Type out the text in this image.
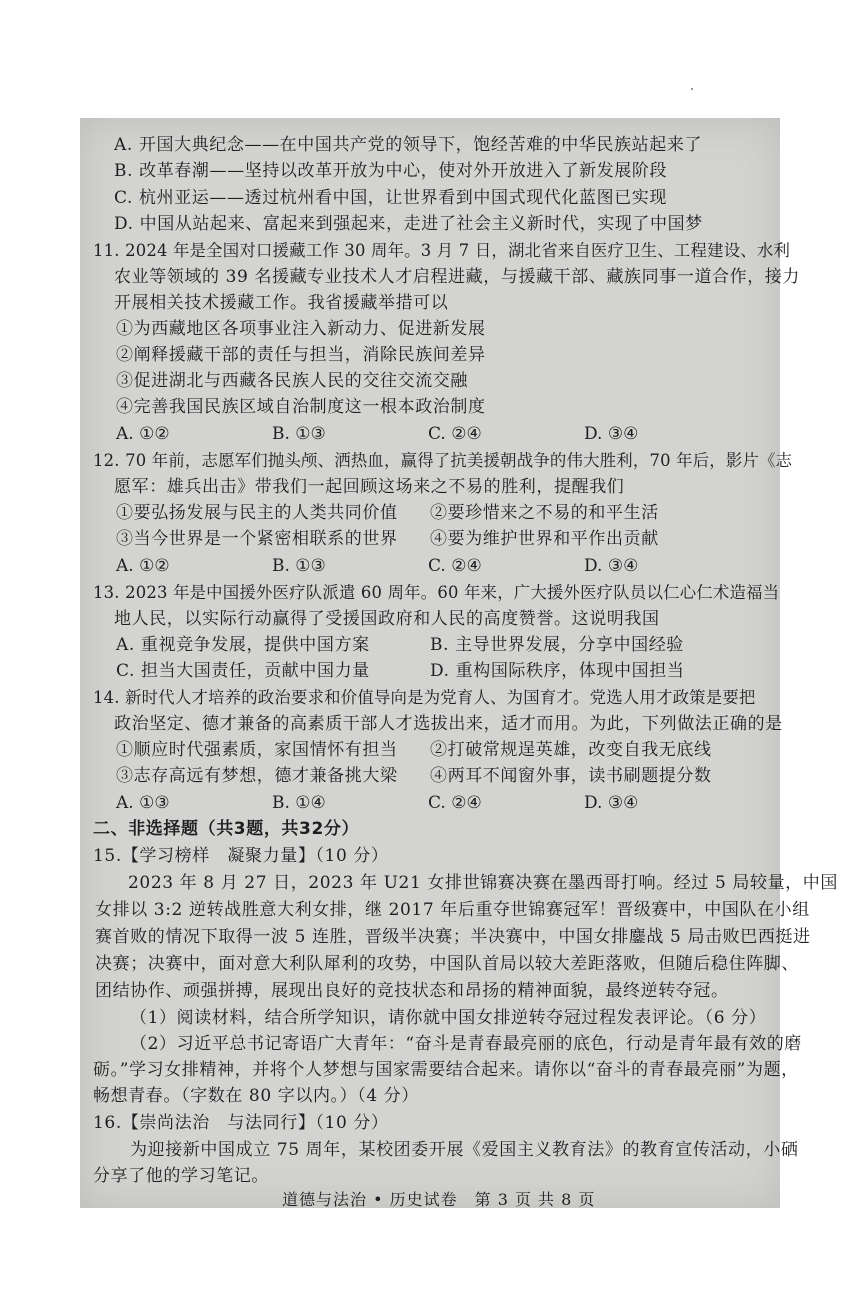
A. 开国大典纪念——在中国共产党的领导下，饱经苦难的中华民族站起来了
B. 改革春潮——坚持以改革开放为中心，使对外开放进入了新发展阶段
C. 杭州亚运——透过杭州看中国，让世界看到中国式现代化蓝图已实现
D. 中国从站起来、富起来到强起来，走进了社会主义新时代，实现了中国梦
11. 2024 年是全国对口援藏工作 30 周年。3 月 7 日，湖北省来自医疗卫生、工程建设、水利
农业等领域的 39 名援藏专业技术人才启程进藏，与援藏干部、藏族同事一道合作，接力
开展相关技术援藏工作。我省援藏举措可以
①为西藏地区各项事业注入新动力、促进新发展
②阐释援藏干部的责任与担当，消除民族间差异
③促进湖北与西藏各民族人民的交往交流交融
④完善我国民族区域自治制度这一根本政治制度
A. ①②	B. ①③	C. ②④	D. ③④
12. 70 年前，志愿军们抛头颅、洒热血，赢得了抗美援朝战争的伟大胜利，70 年后，影片《志
愿军：雄兵出击》带我们一起回顾这场来之不易的胜利，提醒我们
①要弘扬发展与民主的人类共同价值 ②要珍惜来之不易的和平生活
③当今世界是一个紧密相联系的世界 ④要为维护世界和平作出贡献
A. ①②	B. ①③	C. ②④	D. ③④
13. 2023 年是中国援外医疗队派遣 60 周年。60 年来，广大援外医疗队员以仁心仁术造福当
地人民，以实际行动赢得了受援国政府和人民的高度赞誉。这说明我国
A. 重视竞争发展，提供中国方案	B. 主导世界发展，分享中国经验
C. 担当大国责任，贡献中国力量	D. 重构国际秩序，体现中国担当
14. 新时代人才培养的政治要求和价值导向是为党育人、为国育才。党选人用才政策是要把
政治坚定、德才兼备的高素质干部人才选拔出来，适才而用。为此，下列做法正确的是
①顺应时代强素质，家国情怀有担当 ②打破常规逞英雄，改变自我无底线
③志存高远有梦想，德才兼备挑大梁 ④两耳不闻窗外事，读书刷题提分数
A. ①③	B. ①④	C. ②④	D. ③④
二、非选择题（共3题，共32分）
15.【学习榜样　凝聚力量】（10 分）
2023 年 8 月 27 日，2023 年 U21 女排世锦赛决赛在墨西哥打响。经过 5 局较量，中国
女排以 3:2 逆转战胜意大利女排，继 2017 年后重夺世锦赛冠军！晋级赛中，中国队在小组
赛首败的情况下取得一波 5 连胜，晋级半决赛；半决赛中，中国女排鏖战 5 局击败巴西挺进
决赛；决赛中，面对意大利队犀利的攻势，中国队首局以较大差距落败，但随后稳住阵脚、
团结协作、顽强拼搏，展现出良好的竞技状态和昂扬的精神面貌，最终逆转夺冠。
（1）阅读材料，结合所学知识，请你就中国女排逆转夺冠过程发表评论。（6 分）
（2）习近平总书记寄语广大青年：“奋斗是青春最亮丽的底色，行动是青年最有效的磨
砺。”学习女排精神，并将个人梦想与国家需要结合起来。请你以“奋斗的青春最亮丽”为题，
畅想青春。（字数在 80 字以内。）（4 分）
16.【崇尚法治　与法同行】（10 分）
为迎接新中国成立 75 周年，某校团委开展《爱国主义教育法》的教育宣传活动，小硒
分享了他的学习笔记。
道德与法治 • 历史试卷　第 3 页 共 8 页
